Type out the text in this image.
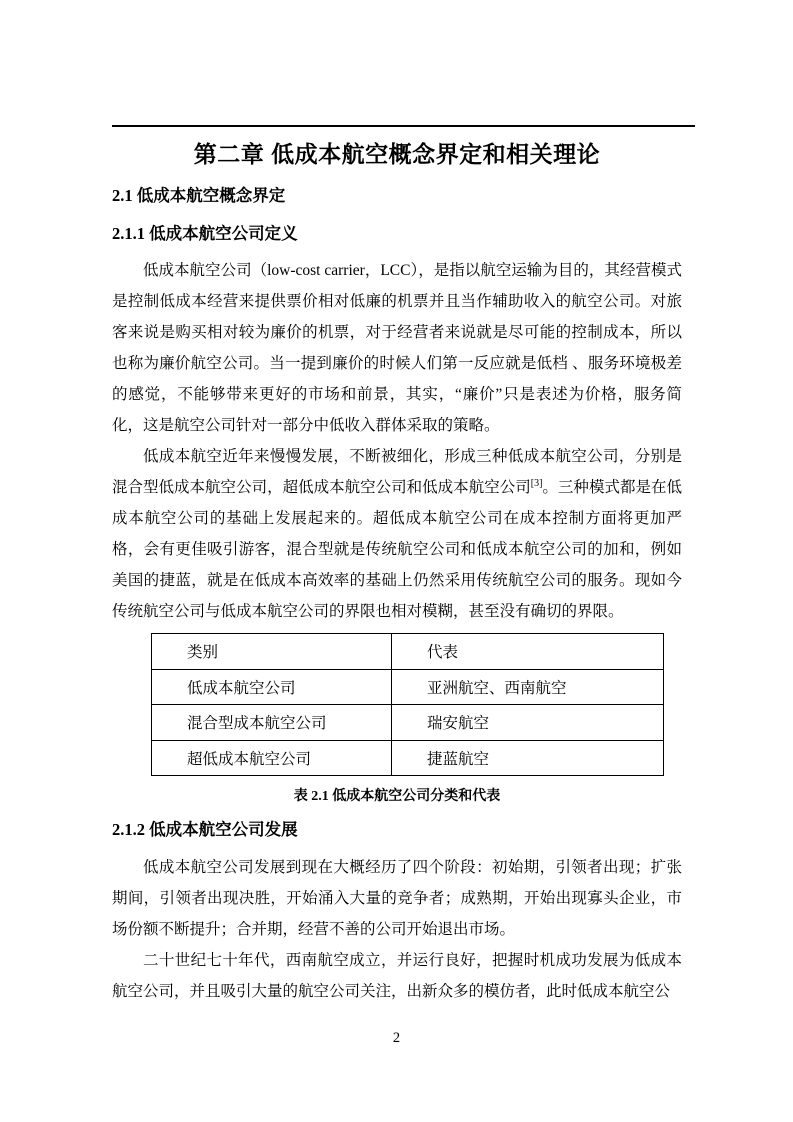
第二章 低成本航空概念界定和相关理论
2.1 低成本航空概念界定
2.1.1 低成本航空公司定义

低成本航空公司（low-cost carrier，LCC），是指以航空运输为目的，其经营模式是控制低成本经营来提供票价相对低廉的机票并且当作辅助收入的航空公司。对旅客来说是购买相对较为廉价的机票，对于经营者来说就是尽可能的控制成本，所以也称为廉价航空公司。当一提到廉价的时候人们第一反应就是低档 、服务环境极差的感觉，不能够带来更好的市场和前景，其实，“廉价”只是表述为价格，服务简化，这是航空公司针对一部分中低收入群体采取的策略。

低成本航空近年来慢慢发展，不断被细化，形成三种低成本航空公司，分别是混合型低成本航空公司，超低成本航空公司和低成本航空公司[3]。三种模式都是在低成本航空公司的基础上发展起来的。超低成本航空公司在成本控制方面将更加严格，会有更佳吸引游客，混合型就是传统航空公司和低成本航空公司的加和，例如美国的捷蓝，就是在低成本高效率的基础上仍然采用传统航空公司的服务。现如今传统航空公司与低成本航空公司的界限也相对模糊，甚至没有确切的界限。

类别	代表
低成本航空公司	亚洲航空、西南航空
混合型成本航空公司	瑞安航空
超低成本航空公司	捷蓝航空
表 2.1 低成本航空公司分类和代表
2.1.2 低成本航空公司发展

低成本航空公司发展到现在大概经历了四个阶段：初始期，引领者出现；扩张期间，引领者出现决胜，开始涌入大量的竞争者；成熟期，开始出现寡头企业，市场份额不断提升；合并期，经营不善的公司开始退出市场。

二十世纪七十年代，西南航空成立，并运行良好，把握时机成功发展为低成本航空公司，并且吸引大量的航空公司关注，出新众多的模仿者，此时低成本航空公

2
